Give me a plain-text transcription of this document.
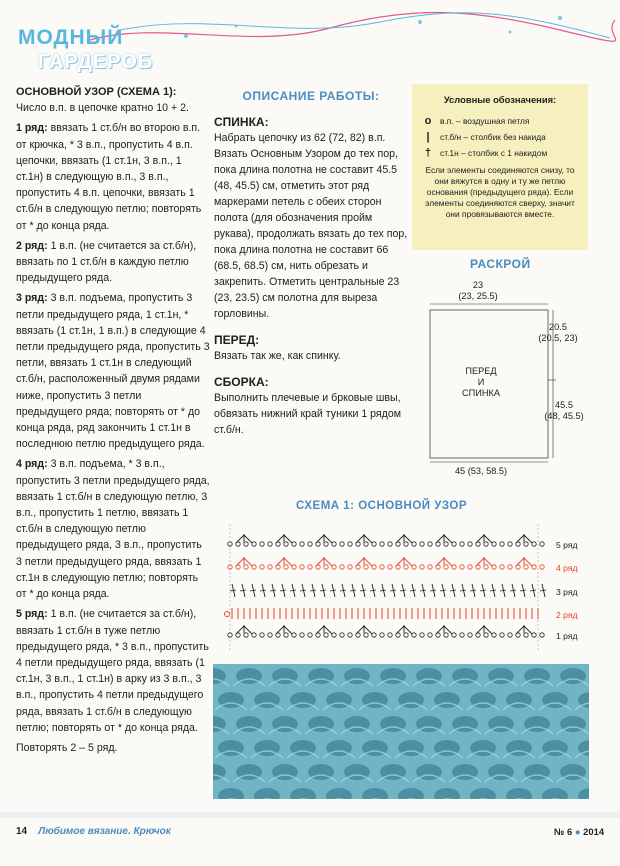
МОДНЫЙ
ГАРДЕРОБ

ОСНОВНОЙ УЗОР (СХЕМА 1):

Число в.п. в цепочке кратно 10 + 2.

1 ряд: ввязать 1 ст.б/н во второю в.п. от крючка, * 3 в.п., пропустить 4 в.п. цепочки, ввязать (1 ст.1н, 3 в.п., 1 ст.1н) в следующую в.п., 3 в.п., пропустить 4 в.п. цепочки, ввязать 1 ст.б/н в следующую петлю; повторять от * до конца ряда.

2 ряд: 1 в.п. (не считается за ст.б/н), ввязать по 1 ст.б/н в каждую петлю предыдущего ряда.

3 ряд: 3 в.п. подъема, пропустить 3 петли предыдущего ряда, 1 ст.1н, * ввязать (1 ст.1н, 1 в.п.) в следующие 4 петли предыдущего ряда, пропустить 3 петли, ввязать 1 ст.1н в следующий ст.б/н, расположенный двумя рядами ниже, пропустить 3 петли предыдущего ряда; повторять от * до конца ряда, ряд закончить 1 ст.1н в последнюю петлю предыдущего ряда.

4 ряд: 3 в.п. подъема, * 3 в.п., пропустить 3 петли предыдущего ряда, ввязать 1 ст.б/н в следующую петлю, 3 в.п., пропустить 1 петлю, ввязать 1 ст.б/н в следующую петлю предыдущего ряда, 3 в.п., пропустить 3 петли предыдущего ряда, ввязать 1 ст.1н в следующую петлю; повторять от * до конца ряда.

5 ряд: 1 в.п. (не считается за ст.б/н), ввязать 1 ст.б/н в туже петлю предыдущего ряда, * 3 в.п., пропустить 4 петли предыдущего ряда, ввязать (1 ст.1н, 3 в.п., 1 ст.1н) в арку из 3 в.п., 3 в.п., пропустить 4 петли предыдущего ряда, ввязать 1 ст.б/н в следующую петлю; повторять от * до конца ряда.

Повторять 2 – 5 ряд.

ОПИСАНИЕ РАБОТЫ:
СПИНКА:

Набрать цепочку из 62 (72, 82) в.п. Вязать Основным Узором до тех пор, пока длина полотна не составит 45.5 (48, 45.5) см, отметить этот ряд маркерами петель с обеих сторон полота (для обозначения пройм рукава), продолжать вязать до тех пор, пока длина полотна не составит 66 (68.5, 68.5) см, нить обрезать и закрепить. Отметить центральные 23 (23, 23.5) см полотна для выреза горловины.

ПЕРЕД:

Вязать так же, как спинку.

СБОРКА:

Выполнить плечевые и брковые швы, обвязать нижний край туники 1 рядом ст.б/н.

Условные обозначения:
o	в.п. – воздушная петля
|	ст.б/н – столбик без накида
†	ст.1н – столбик с 1 накидом
Если элементы соединяются снизу, то они вяжутся в одну и ту же петлю основания (предыдущего ряда). Если элементы соединяются сверху, значит они провязываются вместе.
РАСКРОЙ
23
(23, 25.5)
20.5
(20.5, 23)
ПЕРЕД
И
СПИНКА
45.5
(48, 45.5)
45 (53, 58.5)
СХЕМА 1: ОСНОВНОЙ УЗОР
5 ряд
4 ряд
3 ряд
2 ряд
1 ряд
14 Любимое вязание. Крючок	№ 6 ● 2014
